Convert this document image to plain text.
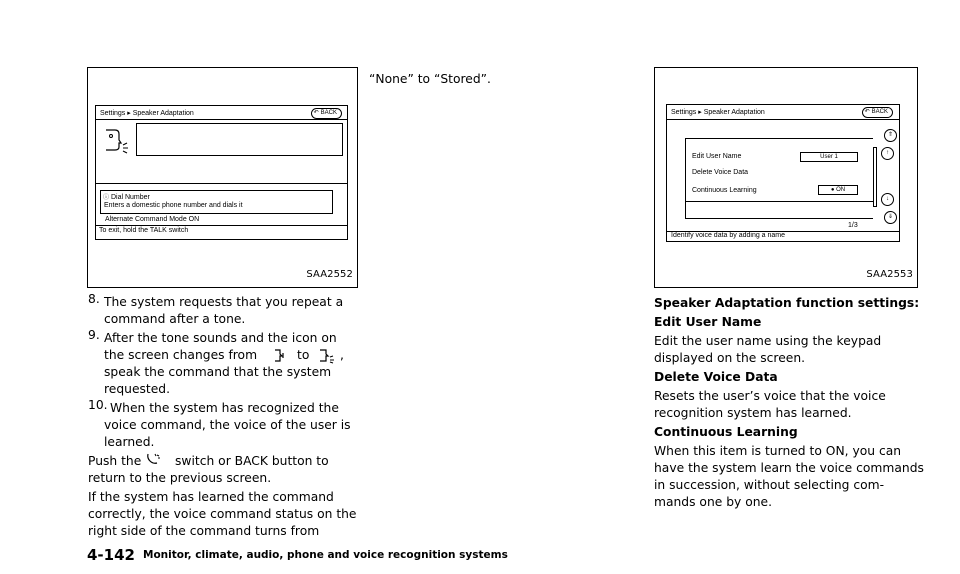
Settings ▸ Speaker Adaptation	↶ BACK
ⓘ Dial Number
Enters a domestic phone number and dials it
Alternate Command Mode ON
To exit, hold the TALK switch
SAA2552
Settings ▸ Speaker Adaptation	↶ BACK
Edit User Name	User 1
Delete Voice Data
Continuous Learning	● ON
1/3
⇑
↑
↓
⇓
Identify voice data by adding a name
SAA2553
8. The system requests that you repeat a
command after a tone.
9. After the tone sounds and the icon on
the screen changes from	to ,
speak the command that the system
requested.
10. When the system has recognized the
voice command, the voice of the user is
learned.
Push the	switch or BACK button to
return to the previous screen.
If the system has learned the command
correctly, the voice command status on the
right side of the command turns from
“None” to “Stored”.
Speaker Adaptation function settings:
Edit User Name
Edit the user name using the keypad
displayed on the screen.
Delete Voice Data
Resets the user’s voice that the voice
recognition system has learned.
Continuous Learning
When this item is turned to ON, you can
have the system learn the voice commands
in succession, without selecting com-
mands one by one.
4-142 Monitor, climate, audio, phone and voice recognition systems
